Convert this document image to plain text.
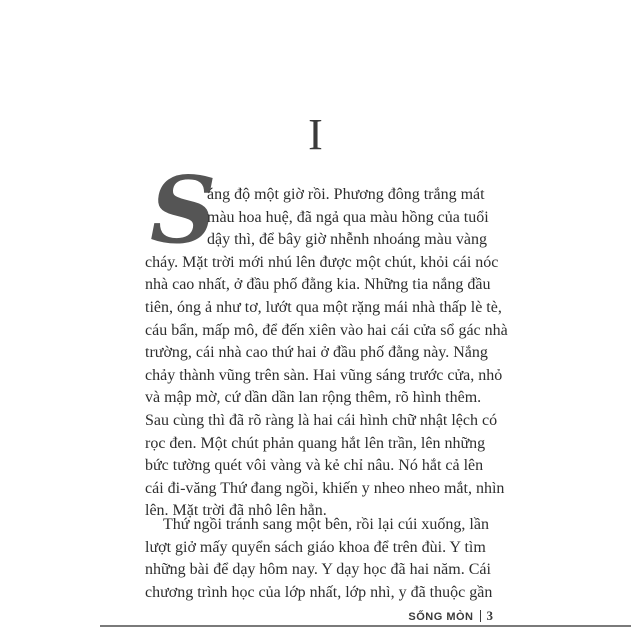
I
S

áng độ một giờ rồi. Phương đông trắng mát
màu hoa huệ, đã ngả qua màu hồng của tuổi
dậy thì, để bây giờ nhễnh nhoáng màu vàng
cháy. Mặt trời mới nhú lên được một chút, khỏi cái nóc
nhà cao nhất, ở đầu phố đằng kia. Những tia nắng đầu
tiên, óng ả như tơ, lướt qua một rặng mái nhà thấp lè tè,
cáu bẩn, mấp mô, để đến xiên vào hai cái cửa sổ gác nhà
trường, cái nhà cao thứ hai ở đầu phố đằng này. Nắng
chảy thành vũng trên sàn. Hai vũng sáng trước cửa, nhỏ
và mập mờ, cứ dần dần lan rộng thêm, rõ hình thêm.
Sau cùng thì đã rõ ràng là hai cái hình chữ nhật lệch có
rọc đen. Một chút phản quang hắt lên trần, lên những
bức tường quét vôi vàng và kẻ chỉ nâu. Nó hắt cả lên
cái đi-văng Thứ đang ngồi, khiến y nheo nheo mắt, nhìn
lên. Mặt trời đã nhô lên hẳn.

Thứ ngồi tránh sang một bên, rồi lại cúi xuống, lần
lượt giở mấy quyển sách giáo khoa để trên đùi. Y tìm
những bài để dạy hôm nay. Y dạy học đã hai năm. Cái
chương trình học của lớp nhất, lớp nhì, y đã thuộc gần

SỐNG MÒN 3
